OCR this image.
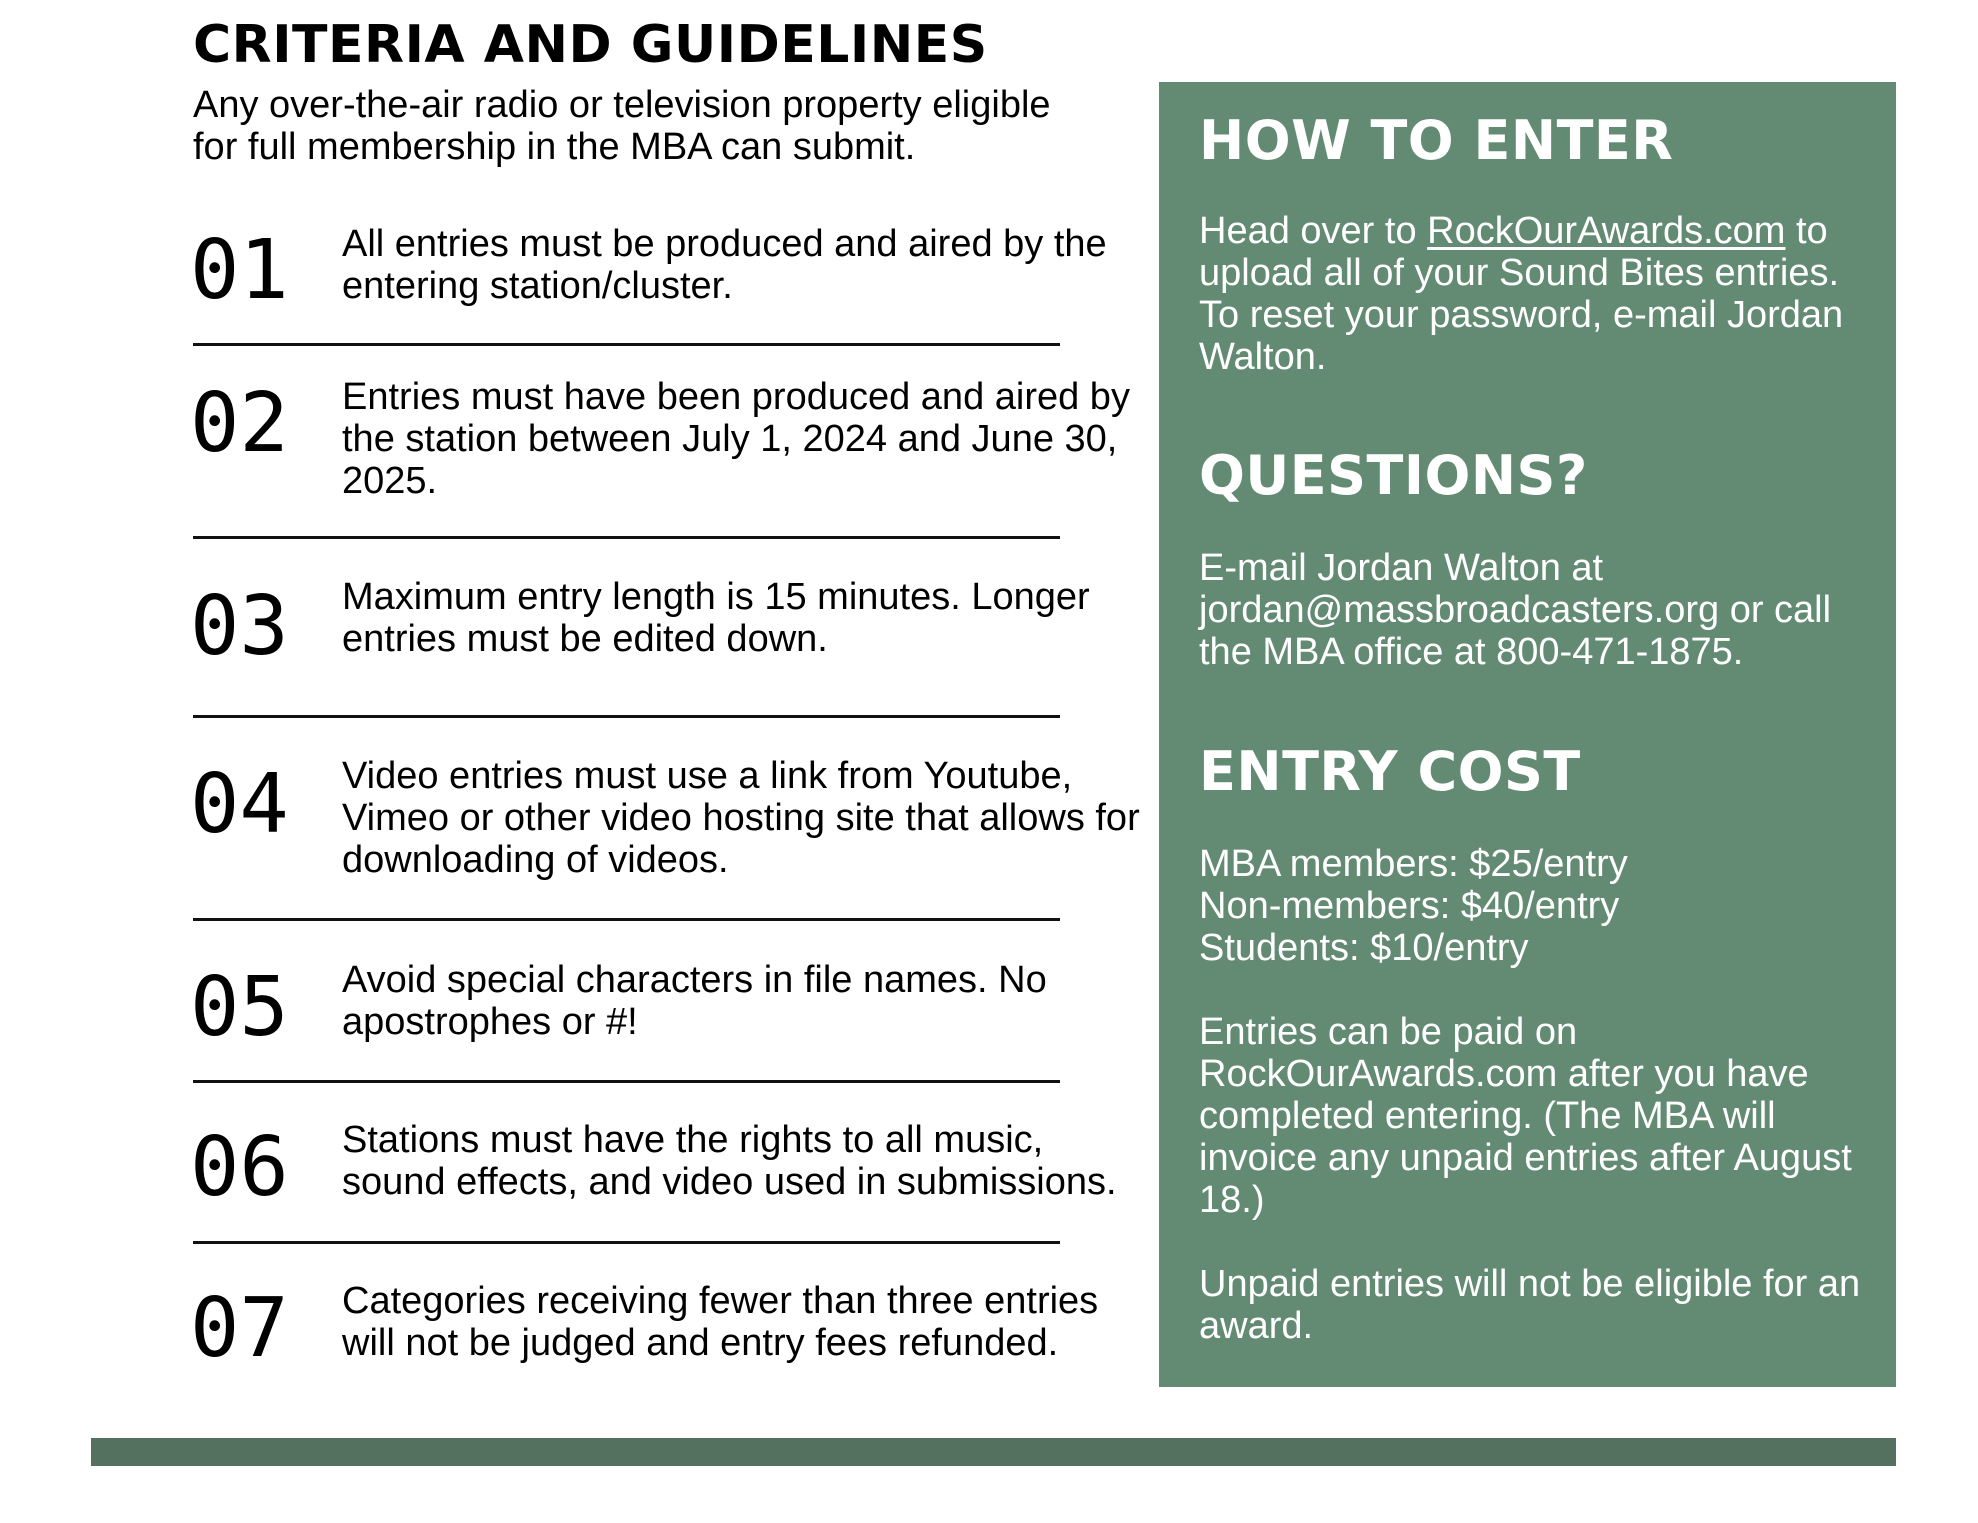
CRITERIA AND GUIDELINES

Any over-the-air radio or television property eligible for full membership in the MBA can submit.

01 All entries must be produced and aired by the entering station/cluster.

02 Entries must have been produced and aired by the station between July 1, 2024 and June 30, 2025.

03 Maximum entry length is 15 minutes. Longer entries must be edited down.

04 Video entries must use a link from Youtube, Vimeo or other video hosting site that allows for downloading of videos.

05 Avoid special characters in file names. No apostrophes or #!

06 Stations must have the rights to all music, sound effects, and video used in submissions.

07 Categories receiving fewer than three entries will not be judged and entry fees refunded.

HOW TO ENTER

Head over to RockOurAwards.com to upload all of your Sound Bites entries. To reset your password, e-mail Jordan Walton.

QUESTIONS?

E-mail Jordan Walton at jordan@massbroadcasters.org or call the MBA office at 800-471-1875.

ENTRY COST
MBA members: $25/entry
Non-members: $40/entry
Students: $10/entry

Entries can be paid on RockOurAwards.com after you have completed entering. (The MBA will invoice any unpaid entries after August 18.)

Unpaid entries will not be eligible for an award.
